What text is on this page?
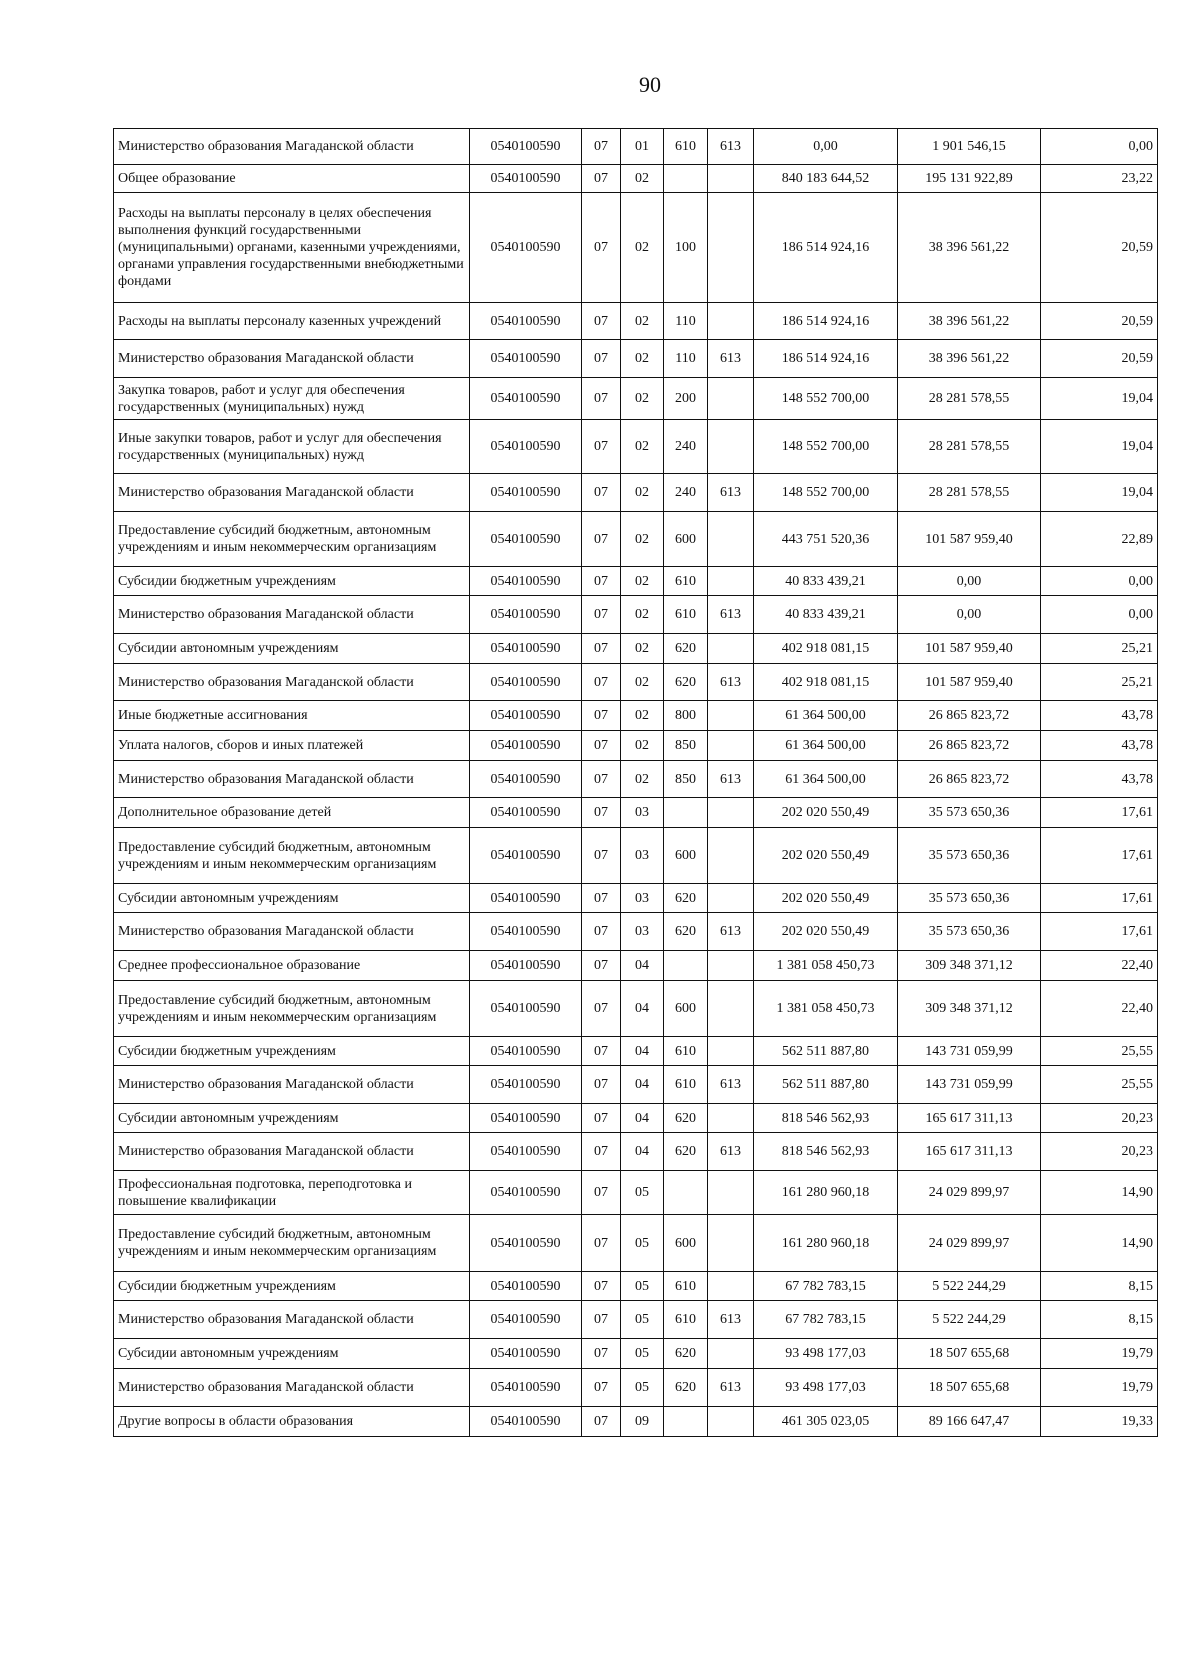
90
Министерство образования Магаданской области	0540100590	07	01	610	613	0,00	1 901 546,15	0,00
Общее образование	0540100590	07	02			840 183 644,52	195 131 922,89	23,22
Расходы на выплаты персоналу в целях обеспечения выполнения функций государственными (муниципальными) органами, казенными учреждениями, органами управления государственными внебюджетными фондами	0540100590	07	02	100		186 514 924,16	38 396 561,22	20,59
Расходы на выплаты персоналу казенных учреждений	0540100590	07	02	110		186 514 924,16	38 396 561,22	20,59
Министерство образования Магаданской области	0540100590	07	02	110	613	186 514 924,16	38 396 561,22	20,59
Закупка товаров, работ и услуг для обеспечения государственных (муниципальных) нужд	0540100590	07	02	200		148 552 700,00	28 281 578,55	19,04
Иные закупки товаров, работ и услуг для обеспечения государственных (муниципальных) нужд	0540100590	07	02	240		148 552 700,00	28 281 578,55	19,04
Министерство образования Магаданской области	0540100590	07	02	240	613	148 552 700,00	28 281 578,55	19,04
Предоставление субсидий бюджетным, автономным учреждениям и иным некоммерческим организациям	0540100590	07	02	600		443 751 520,36	101 587 959,40	22,89
Субсидии бюджетным учреждениям	0540100590	07	02	610		40 833 439,21	0,00	0,00
Министерство образования Магаданской области	0540100590	07	02	610	613	40 833 439,21	0,00	0,00
Субсидии автономным учреждениям	0540100590	07	02	620		402 918 081,15	101 587 959,40	25,21
Министерство образования Магаданской области	0540100590	07	02	620	613	402 918 081,15	101 587 959,40	25,21
Иные бюджетные ассигнования	0540100590	07	02	800		61 364 500,00	26 865 823,72	43,78
Уплата налогов, сборов и иных платежей	0540100590	07	02	850		61 364 500,00	26 865 823,72	43,78
Министерство образования Магаданской области	0540100590	07	02	850	613	61 364 500,00	26 865 823,72	43,78
Дополнительное образование детей	0540100590	07	03			202 020 550,49	35 573 650,36	17,61
Предоставление субсидий бюджетным, автономным учреждениям и иным некоммерческим организациям	0540100590	07	03	600		202 020 550,49	35 573 650,36	17,61
Субсидии автономным учреждениям	0540100590	07	03	620		202 020 550,49	35 573 650,36	17,61
Министерство образования Магаданской области	0540100590	07	03	620	613	202 020 550,49	35 573 650,36	17,61
Среднее профессиональное образование	0540100590	07	04			1 381 058 450,73	309 348 371,12	22,40
Предоставление субсидий бюджетным, автономным учреждениям и иным некоммерческим организациям	0540100590	07	04	600		1 381 058 450,73	309 348 371,12	22,40
Субсидии бюджетным учреждениям	0540100590	07	04	610		562 511 887,80	143 731 059,99	25,55
Министерство образования Магаданской области	0540100590	07	04	610	613	562 511 887,80	143 731 059,99	25,55
Субсидии автономным учреждениям	0540100590	07	04	620		818 546 562,93	165 617 311,13	20,23
Министерство образования Магаданской области	0540100590	07	04	620	613	818 546 562,93	165 617 311,13	20,23
Профессиональная подготовка, переподготовка и повышение квалификации	0540100590	07	05			161 280 960,18	24 029 899,97	14,90
Предоставление субсидий бюджетным, автономным учреждениям и иным некоммерческим организациям	0540100590	07	05	600		161 280 960,18	24 029 899,97	14,90
Субсидии бюджетным учреждениям	0540100590	07	05	610		67 782 783,15	5 522 244,29	8,15
Министерство образования Магаданской области	0540100590	07	05	610	613	67 782 783,15	5 522 244,29	8,15
Субсидии автономным учреждениям	0540100590	07	05	620		93 498 177,03	18 507 655,68	19,79
Министерство образования Магаданской области	0540100590	07	05	620	613	93 498 177,03	18 507 655,68	19,79
Другие вопросы в области образования	0540100590	07	09			461 305 023,05	89 166 647,47	19,33
